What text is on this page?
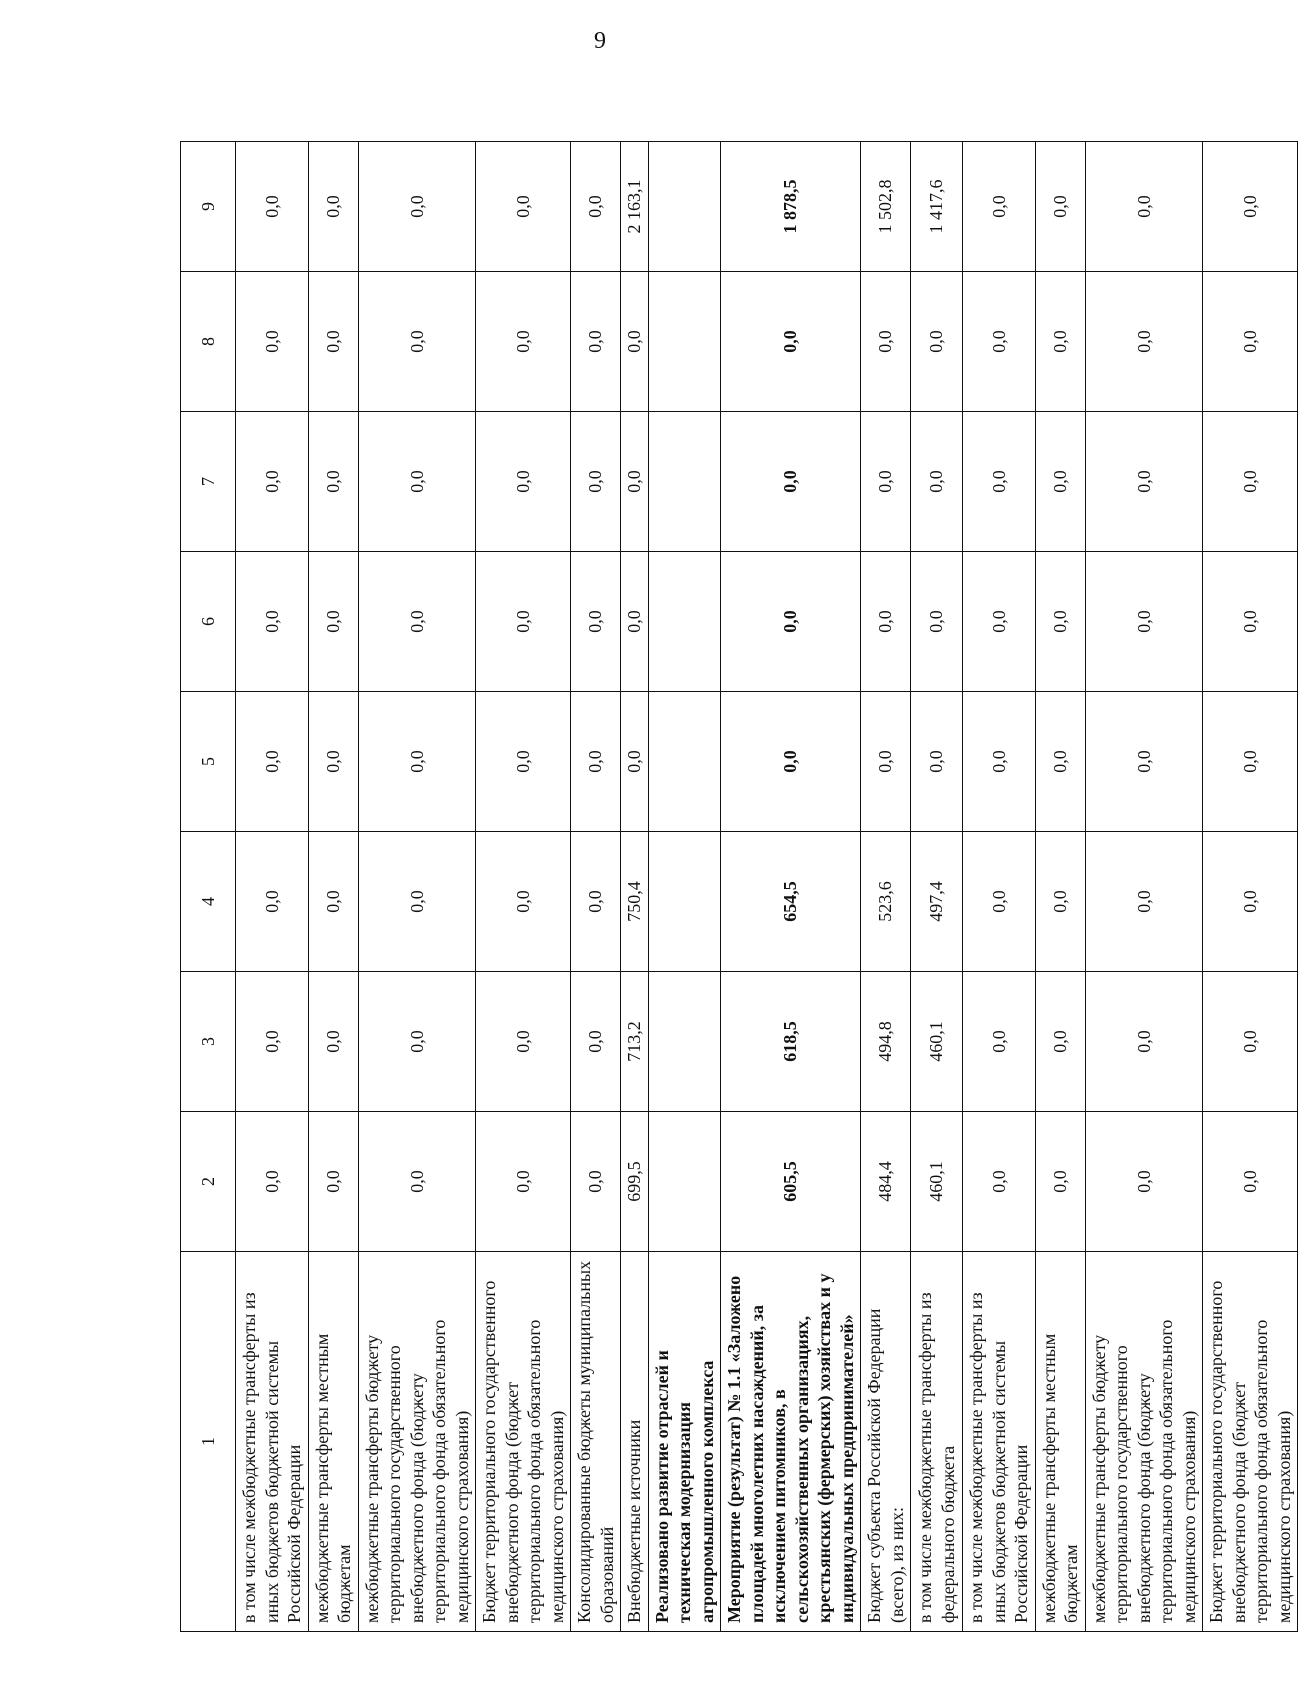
9
1	2	3	4	5	6	7	8	9
в том числе межбюджетные трансферты из иных бюджетов бюджетной системы Российской Федерации	0,0	0,0	0,0	0,0	0,0	0,0	0,0	0,0
межбюджетные трансферты местным бюджетам	0,0	0,0	0,0	0,0	0,0	0,0	0,0	0,0
межбюджетные трансферты бюджету территориального государственного внебюджетного фонда (бюджету территориального фонда обязательного медицинского страхования)	0,0	0,0	0,0	0,0	0,0	0,0	0,0	0,0
Бюджет территориального государственного внебюджетного фонда (бюджет территориального фонда обязательного медицинского страхования)	0,0	0,0	0,0	0,0	0,0	0,0	0,0	0,0
Консолидированные бюджеты муниципальных образований	0,0	0,0	0,0	0,0	0,0	0,0	0,0	0,0
Внебюджетные источники	699,5	713,2	750,4	0,0	0,0	0,0	0,0	2 163,1
Реализовано развитие отраслей и техническая модернизация агропромышленного комплекса								
Мероприятие (результат) № 1.1 «Заложено площадей многолетних насаждений, за исключением питомников, в сельскохозяйственных организациях, крестьянских (фермерских) хозяйствах и у индивидуальных предпринимателей»	605,5	618,5	654,5	0,0	0,0	0,0	0,0	1 878,5
Бюджет субъекта Российской Федерации (всего), из них:	484,4	494,8	523,6	0,0	0,0	0,0	0,0	1 502,8
в том числе межбюджетные трансферты из федерального бюджета	460,1	460,1	497,4	0,0	0,0	0,0	0,0	1 417,6
в том числе межбюджетные трансферты из иных бюджетов бюджетной системы Российской Федерации	0,0	0,0	0,0	0,0	0,0	0,0	0,0	0,0
межбюджетные трансферты местным бюджетам	0,0	0,0	0,0	0,0	0,0	0,0	0,0	0,0
межбюджетные трансферты бюджету территориального государственного внебюджетного фонда (бюджету территориального фонда обязательного медицинского страхования)	0,0	0,0	0,0	0,0	0,0	0,0	0,0	0,0
Бюджет территориального государственного внебюджетного фонда (бюджет территориального фонда обязательного медицинского страхования)	0,0	0,0	0,0	0,0	0,0	0,0	0,0	0,0
